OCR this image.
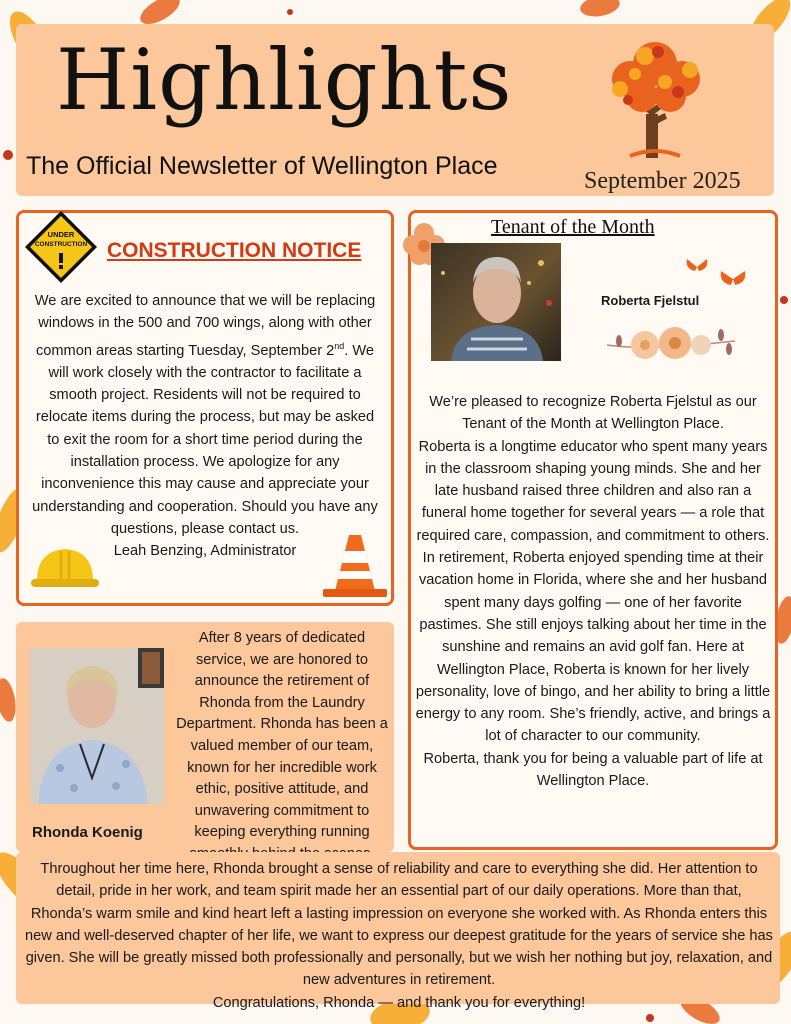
Highlights
The Official Newsletter of Wellington Place
September 2025
UNDER
CONSTRUCTION CONSTRUCTION NOTICE
We are excited to announce that we will be replacing windows in the 500 and 700 wings, along with other common areas starting Tuesday, September 2nd. We will work closely with the contractor to facilitate a smooth project. Residents will not be required to relocate items during the process, but may be asked to exit the room for a short time period during the installation process. We apologize for any inconvenience this may cause and appreciate your understanding and cooperation. Should you have any questions, please contact us.
Leah Benzing, Administrator
Tenant of the Month
Roberta Fjelstul
We’re pleased to recognize Roberta Fjelstul as our Tenant of the Month at Wellington Place.
Roberta is a longtime educator who spent many years in the classroom shaping young minds. She and her late husband raised three children and also ran a funeral home together for several years — a role that required care, compassion, and commitment to others.
In retirement, Roberta enjoyed spending time at their vacation home in Florida, where she and her husband spent many days golfing — one of her favorite pastimes. She still enjoys talking about her time in the sunshine and remains an avid golf fan. Here at Wellington Place, Roberta is known for her lively personality, love of bingo, and her ability to bring a little energy to any room. She’s friendly, active, and brings a lot of character to our community.
Roberta, thank you for being a valuable part of life at Wellington Place.
Rhonda Koenig
After 8 years of dedicated service, we are honored to announce the retirement of Rhonda from the Laundry Department. Rhonda has been a valued member of our team, known for her incredible work ethic, positive attitude, and unwavering commitment to keeping everything running
Throughout her time here, Rhonda brought a sense of reliability and care to everything she did. Her attention to detail, pride in her work, and team spirit made her an essential part of our daily operations. More than that, Rhonda’s warm smile and kind heart left a lasting impression on everyone she worked with. As Rhonda enters this new and well-deserved chapter of her life, we want to express our deepest gratitude for the years of service she has given. She will be greatly missed both professionally and personally, but we wish her nothing but joy, relaxation, and new adventures in retirement.
Congratulations, Rhonda — and thank you for everything!
